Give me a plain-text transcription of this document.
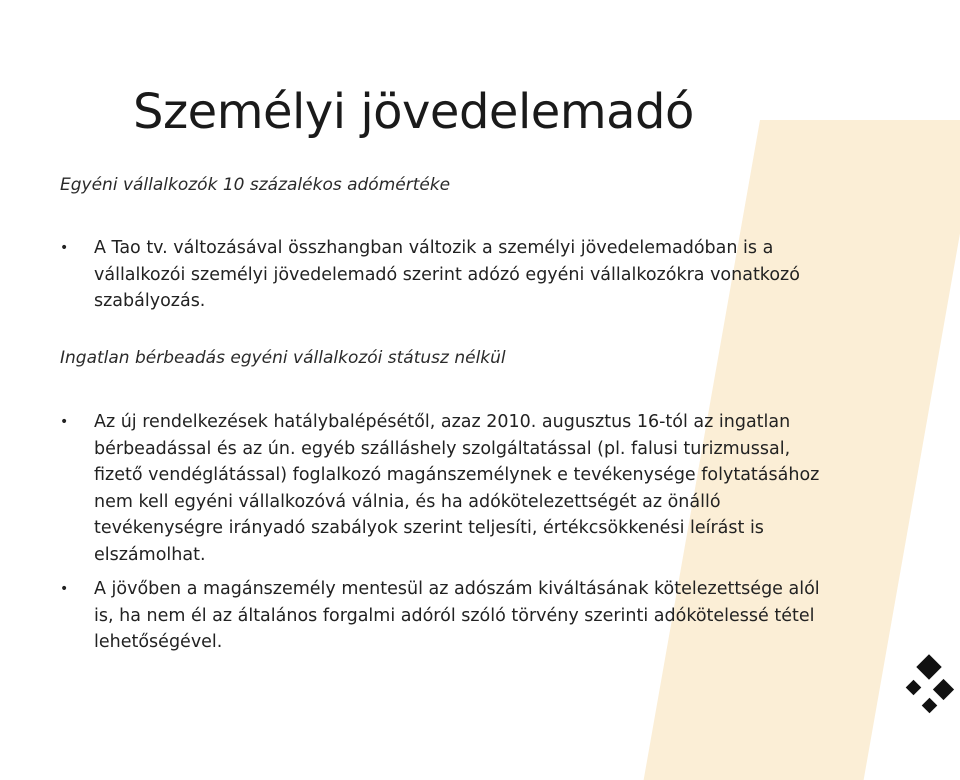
Személyi jövedelemadó
Egyéni vállalkozók 10 százalékos adómértéke
• A Tao tv. változásával összhangban változik a személyi jövedelemadóban is a vállalkozói személyi jövedelemadó szerint adózó egyéni vállalkozókra vonatkozó szabályozás.
Ingatlan bérbeadás egyéni vállalkozói státusz nélkül
• Az új rendelkezések hatálybalépésétől, azaz 2010. augusztus 16-tól az ingatlan bérbeadással és az ún. egyéb szálláshely szolgáltatással (pl. falusi turizmussal, fizető vendéglátással) foglalkozó magánszemélynek e tevékenysége folytatásához nem kell egyéni vállalkozóvá válnia, és ha adókötelezettségét az önálló tevékenységre irányadó szabályok szerint teljesíti, értékcsökkenési leírást is elszámolhat.
• A jövőben a magánszemély mentesül az adószám kiváltásának kötelezettsége alól is, ha nem él az általános forgalmi adóról szóló törvény szerinti adókötelessé tétel lehetőségével.
